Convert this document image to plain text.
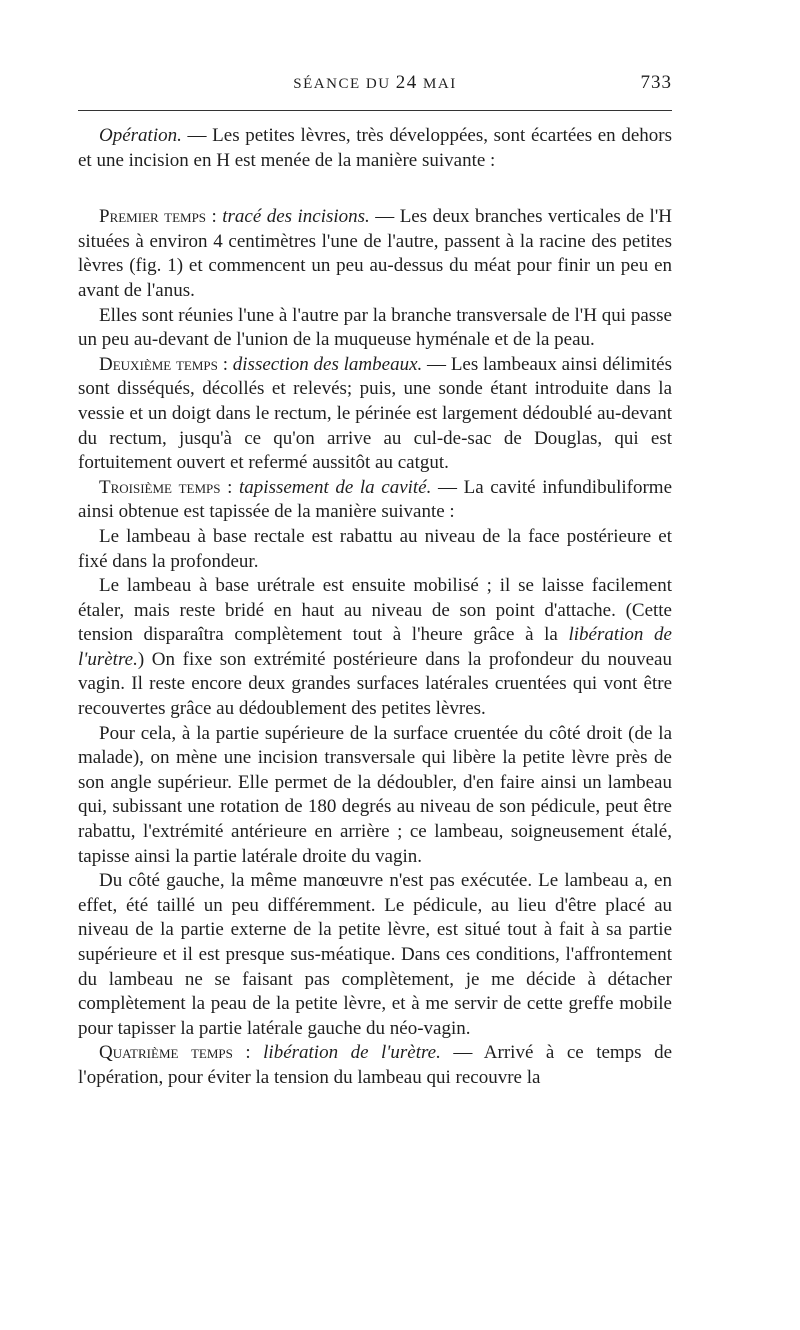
SÉANCE DU 24 MAI	733

Opération. — Les petites lèvres, très développées, sont écartées en dehors et une incision en H est menée de la manière suivante :

Premier temps : tracé des incisions. — Les deux branches verticales de l'H situées à environ 4 centimètres l'une de l'autre, passent à la racine des petites lèvres (fig. 1) et commencent un peu au-dessus du méat pour finir un peu en avant de l'anus.

Elles sont réunies l'une à l'autre par la branche transversale de l'H qui passe un peu au-devant de l'union de la muqueuse hyménale et de la peau.

Deuxième temps : dissection des lambeaux. — Les lambeaux ainsi délimités sont disséqués, décollés et relevés; puis, une sonde étant introduite dans la vessie et un doigt dans le rectum, le périnée est largement dédoublé au-devant du rectum, jusqu'à ce qu'on arrive au cul-de-sac de Douglas, qui est fortuitement ouvert et refermé aussitôt au catgut.

Troisième temps : tapissement de la cavité. — La cavité infundibuliforme ainsi obtenue est tapissée de la manière suivante :

Le lambeau à base rectale est rabattu au niveau de la face postérieure et fixé dans la profondeur.

Le lambeau à base urétrale est ensuite mobilisé ; il se laisse facilement étaler, mais reste bridé en haut au niveau de son point d'attache. (Cette tension disparaîtra complètement tout à l'heure grâce à la libération de l'urètre.) On fixe son extrémité postérieure dans la profondeur du nouveau vagin. Il reste encore deux grandes surfaces latérales cruentées qui vont être recouvertes grâce au dédoublement des petites lèvres.

Pour cela, à la partie supérieure de la surface cruentée du côté droit (de la malade), on mène une incision transversale qui libère la petite lèvre près de son angle supérieur. Elle permet de la dédoubler, d'en faire ainsi un lambeau qui, subissant une rotation de 180 degrés au niveau de son pédicule, peut être rabattu, l'extrémité antérieure en arrière ; ce lambeau, soigneusement étalé, tapisse ainsi la partie latérale droite du vagin.

Du côté gauche, la même manœuvre n'est pas exécutée. Le lambeau a, en effet, été taillé un peu différemment. Le pédicule, au lieu d'être placé au niveau de la partie externe de la petite lèvre, est situé tout à fait à sa partie supérieure et il est presque sus-méatique. Dans ces conditions, l'affrontement du lambeau ne se faisant pas complètement, je me décide à détacher complètement la peau de la petite lèvre, et à me servir de cette greffe mobile pour tapisser la partie latérale gauche du néo-vagin.

Quatrième temps : libération de l'urètre. — Arrivé à ce temps de l'opération, pour éviter la tension du lambeau qui recouvre la
